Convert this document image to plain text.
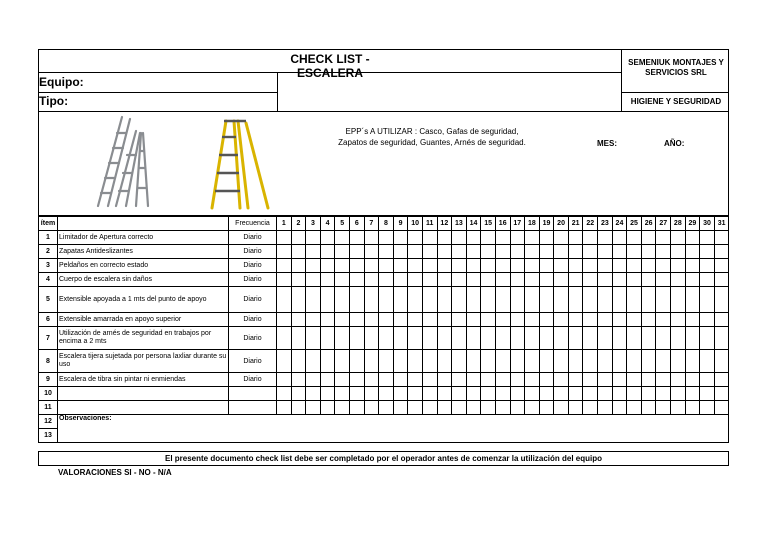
CHECK LIST - ESCALERA
SEMENIUK MONTAJES Y SERVICIOS SRL
HIGIENE Y SEGURIDAD
Equipo:
Tipo:
EPP´s A UTILIZAR : Casco, Gafas de seguridad,
Zapatos de seguridad, Guantes, Arnés de seguridad.	MES:	AÑO:
ítem		Frecuencia	1	2	3	4	5	6	7	8	9	10	11	12	13	14	15	16	17	18	19	20	21	22	23	24	25	26	27	28	29	30	31
1	Limitador de Apertura correcto	Diario																															
2	Zapatas Antideslizantes	Diario																															
3	Peldaños en correcto estado	Diario																															
4	Cuerpo de escalera sin daños	Diario																															
5	Extensible apoyada a 1 mts del punto de apoyo	Diario																															
6	Extensible amarrada en apoyo superior	Diario																															
7	Utilización de arnés de seguridad en trabajos por encima a 2 mts	Diario																															
8	Escalera tijera sujetada por persona laxliar durante su uso	Diario																															
9	Escalera de tibra sin pintar ni enmiendas	Diario																															
10																																	
11																																	
12	Observaciones:																																
13																																	
El presente documento check list debe ser completado por el operador antes de comenzar la utilización del equipo
VALORACIONES SI - NO - N/A
